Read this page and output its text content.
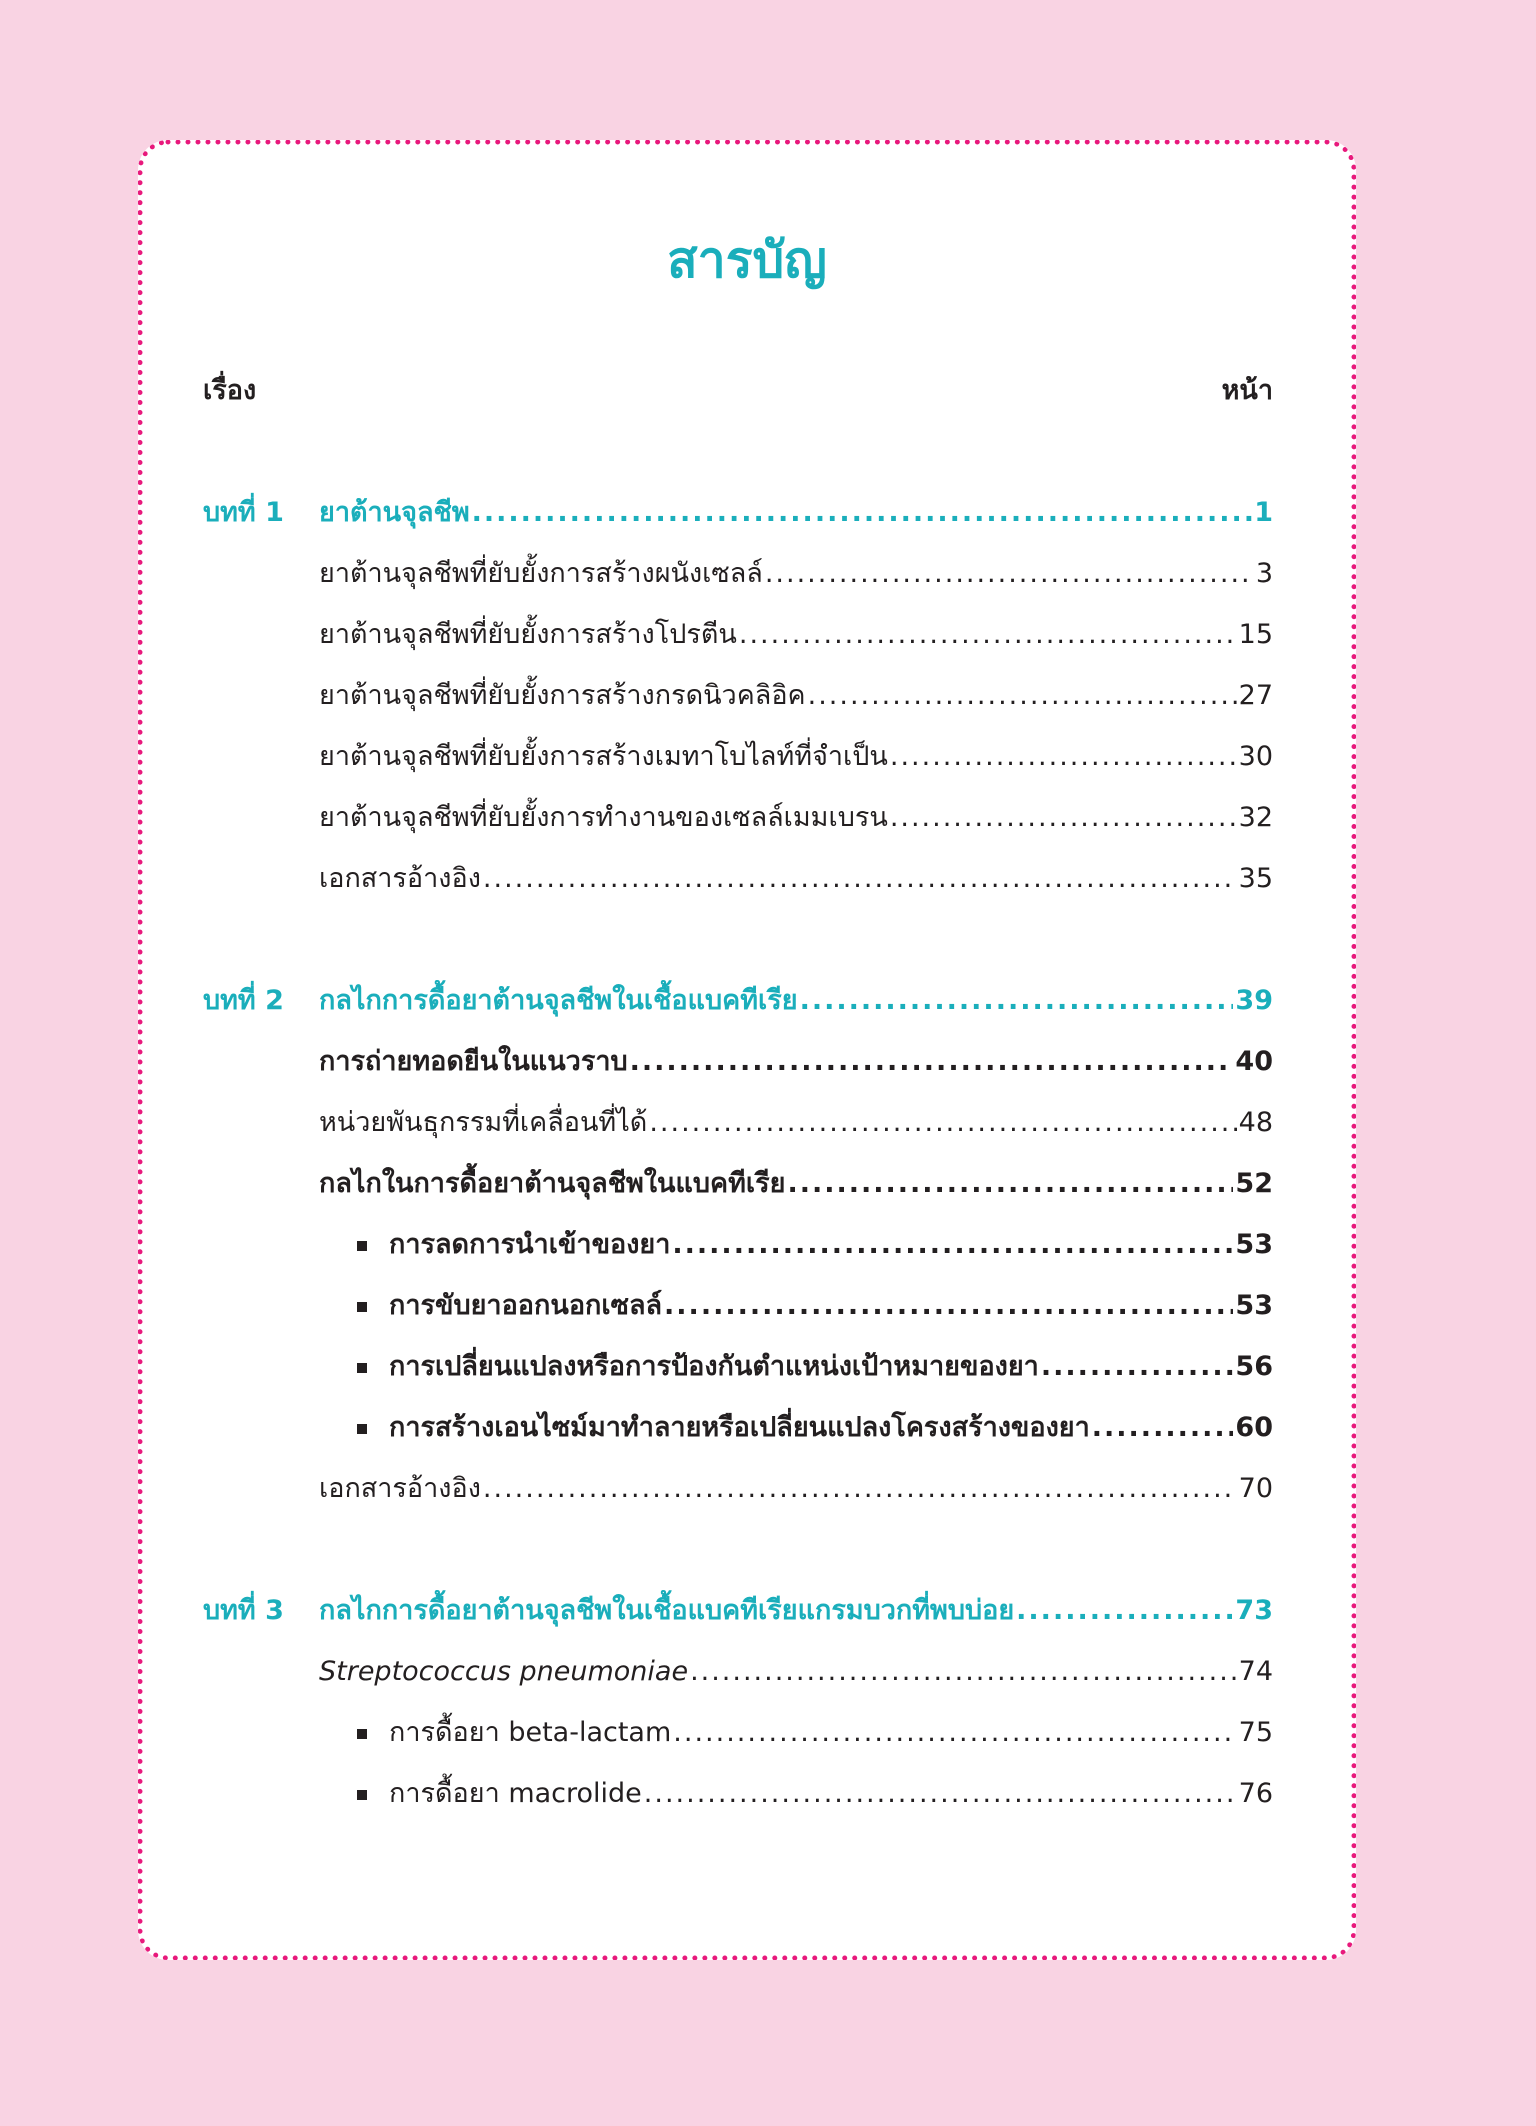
สารบัญ
เรื่อง	หน้า
บทที่ 1 ยาต้านจุลชีพ .....	1
ยาต้านจุลชีพที่ยับยั้งการสร้างผนังเซลล์ .....	3
ยาต้านจุลชีพที่ยับยั้งการสร้างโปรตีน .....	15
ยาต้านจุลชีพที่ยับยั้งการสร้างกรดนิวคลิอิค .....	27
ยาต้านจุลชีพที่ยับยั้งการสร้างเมทาโบไลท์ที่จำเป็น .....	30
ยาต้านจุลชีพที่ยับยั้งการทำงานของเซลล์เมมเบรน .....	32
เอกสารอ้างอิง .....	35
บทที่ 2 กลไกการดื้อยาต้านจุลชีพในเชื้อแบคทีเรีย .....	39
การถ่ายทอดยีนในแนวราบ .....	40
หน่วยพันธุกรรมที่เคลื่อนที่ได้ .....	48
กลไกในการดื้อยาต้านจุลชีพในแบคทีเรีย .....	52
การลดการนำเข้าของยา .....	53
การขับยาออกนอกเซลล์ .....	53
การเปลี่ยนแปลงหรือการป้องกันตำแหน่งเป้าหมายของยา .....	56
การสร้างเอนไซม์มาทำลายหรือเปลี่ยนแปลงโครงสร้างของยา .....	60
เอกสารอ้างอิง .....	70
บทที่ 3 กลไกการดื้อยาต้านจุลชีพในเชื้อแบคทีเรียแกรมบวกที่พบบ่อย .....	73
Streptococcus pneumoniae .....	74
การดื้อยา beta-lactam .....	75
การดื้อยา macrolide .....	76
